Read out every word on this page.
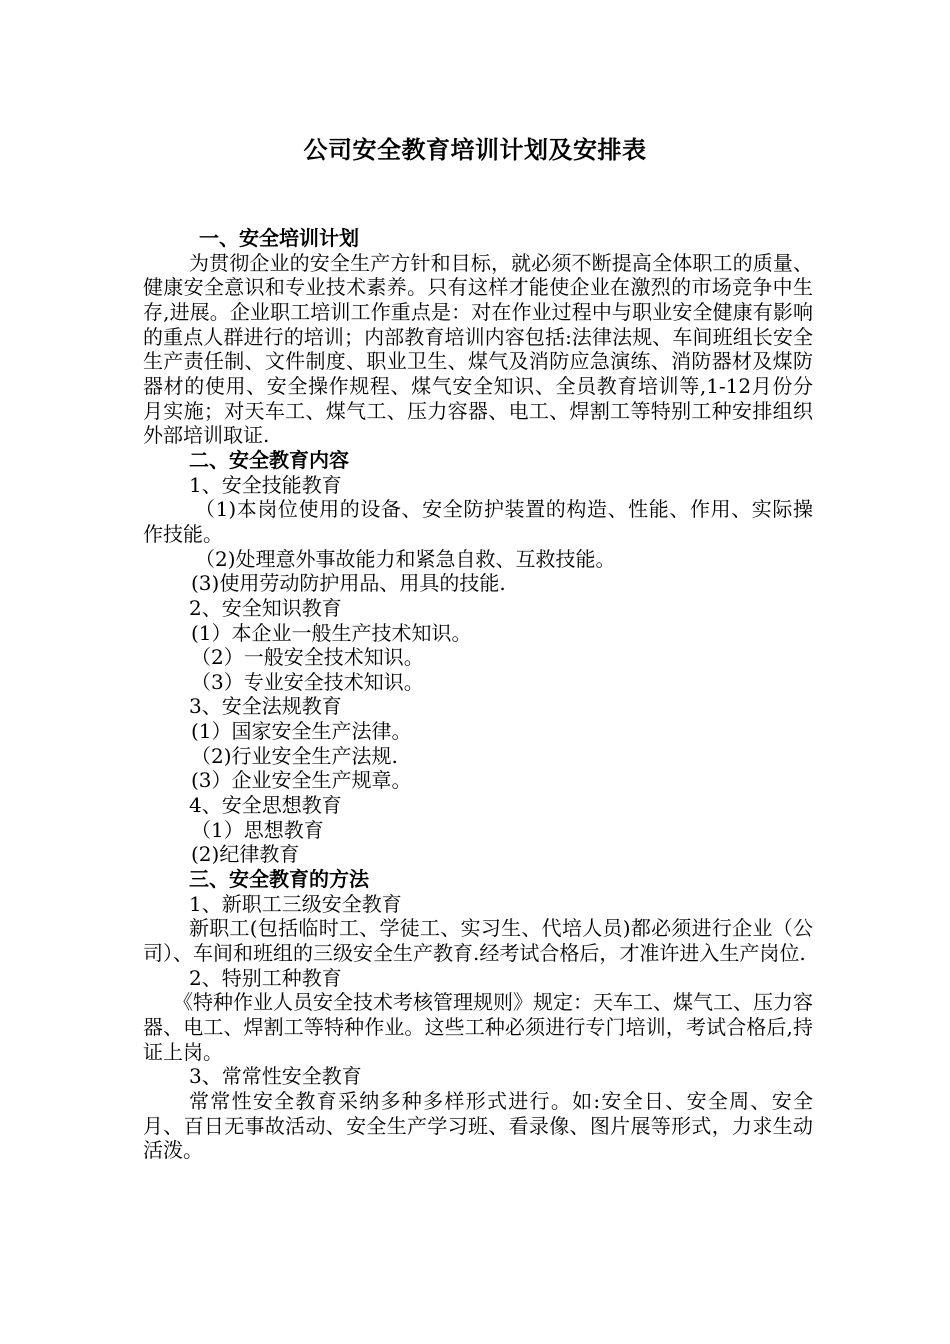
公司安全教育培训计划及安排表

一、安全培训计划

为贯彻企业的安全生产方针和目标，就必须不断提高全体职工的质量、健康安全意识和专业技术素养。只有这样才能使企业在激烈的市场竞争中生存,进展。企业职工培训工作重点是：对在作业过程中与职业安全健康有影响的重点人群进行的培训；内部教育培训内容包括:法律法规、车间班组长安全生产责任制、文件制度、职业卫生、煤气及消防应急演练、消防器材及煤防器材的使用、安全操作规程、煤气安全知识、全员教育培训等,1-12月份分月实施；对天车工、煤气工、压力容器、电工、焊割工等特别工种安排组织外部培训取证.

二、安全教育内容

1、安全技能教育

（1)本岗位使用的设备、安全防护装置的构造、性能、作用、实际操作技能。

（2)处理意外事故能力和紧急自救、互救技能。

(3)使用劳动防护用品、用具的技能.

2、安全知识教育

(1）本企业一般生产技术知识。

（2）一般安全技术知识。

（3）专业安全技术知识。

3、安全法规教育

(1）国家安全生产法律。

（2)行业安全生产法规.

(3）企业安全生产规章。

4、安全思想教育

（1）思想教育

(2)纪律教育

三、安全教育的方法

1、新职工三级安全教育

新职工(包括临时工、学徒工、实习生、代培人员)都必须进行企业（公司）、车间和班组的三级安全生产教育.经考试合格后，才准许进入生产岗位.

2、特别工种教育

《特种作业人员安全技术考核管理规则》规定：天车工、煤气工、压力容器、电工、焊割工等特种作业。这些工种必须进行专门培训，考试合格后,持证上岗。

3、常常性安全教育

常常性安全教育采纳多种多样形式进行。如:安全日、安全周、安全月、百日无事故活动、安全生产学习班、看录像、图片展等形式，力求生动活泼。
